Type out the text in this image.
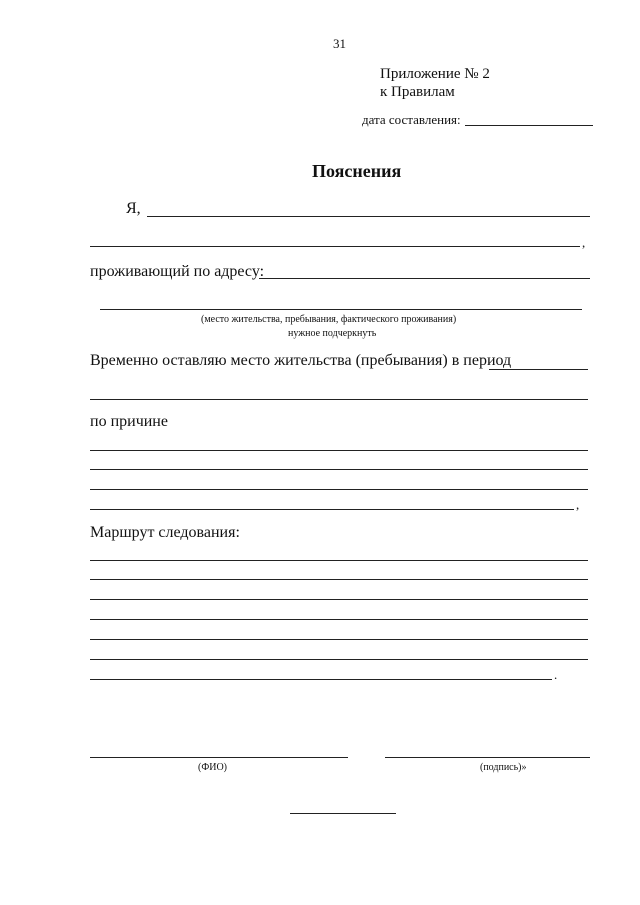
31
Приложение № 2
к Правилам
дата составления:
Пояснения
Я,
,
проживающий по адресу:
(место жительства, пребывания, фактического проживания)
нужное подчеркнуть
Временно оставляю место жительства (пребывания) в период
по причине
,
Маршрут следования:
.
(ФИО)	(подпись)»
